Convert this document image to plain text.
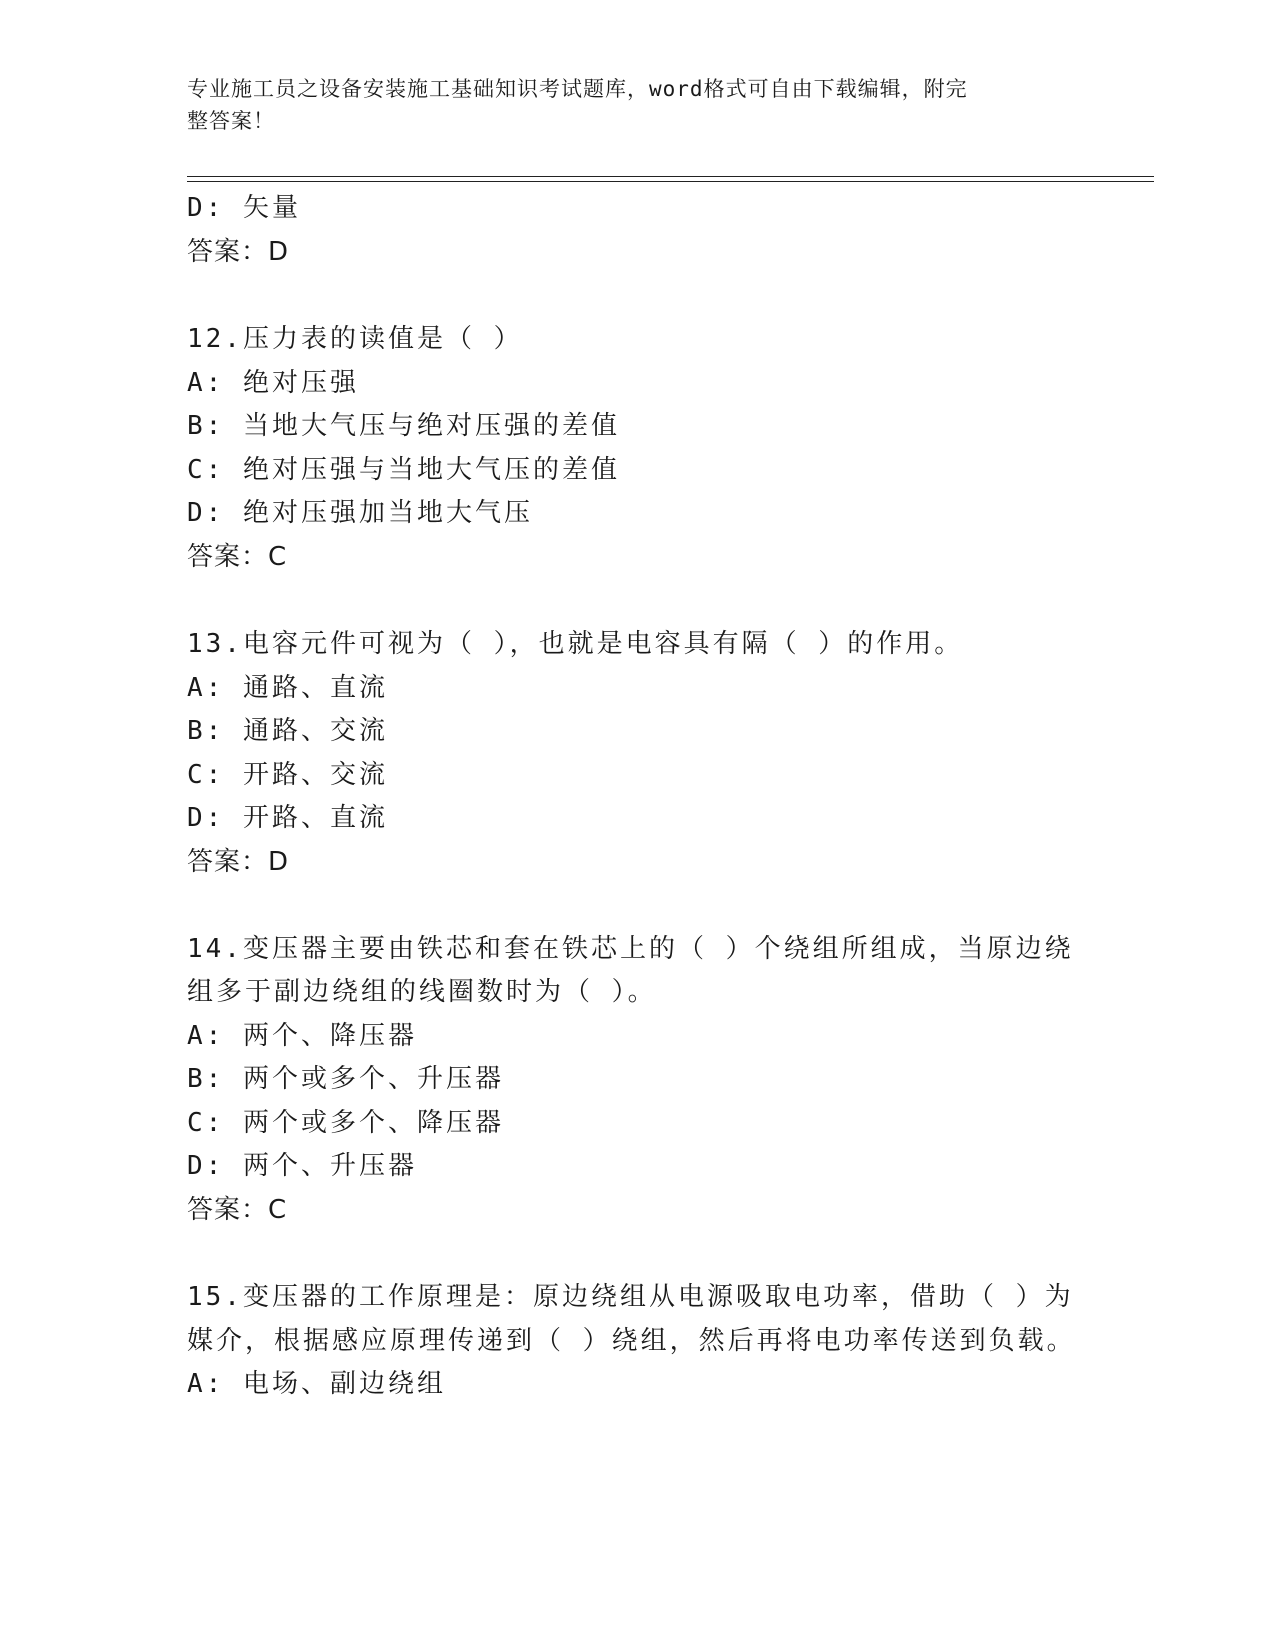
专业施工员之设备安装施工基础知识考试题库，word格式可自由下载编辑，附完
整答案！
D: 矢量
答案：D
12.压力表的读值是（ ）
A: 绝对压强
B: 当地大气压与绝对压强的差值
C: 绝对压强与当地大气压的差值
D: 绝对压强加当地大气压
答案：C
13.电容元件可视为（ ），也就是电容具有隔（ ）的作用。
A: 通路、直流
B: 通路、交流
C: 开路、交流
D: 开路、直流
答案：D
14.变压器主要由铁芯和套在铁芯上的（ ）个绕组所组成，当原边绕
组多于副边绕组的线圈数时为（ ）。
A: 两个、降压器
B: 两个或多个、升压器
C: 两个或多个、降压器
D: 两个、升压器
答案：C
15.变压器的工作原理是：原边绕组从电源吸取电功率，借助（ ）为
媒介，根据感应原理传递到（ ）绕组，然后再将电功率传送到负载。
A: 电场、副边绕组
